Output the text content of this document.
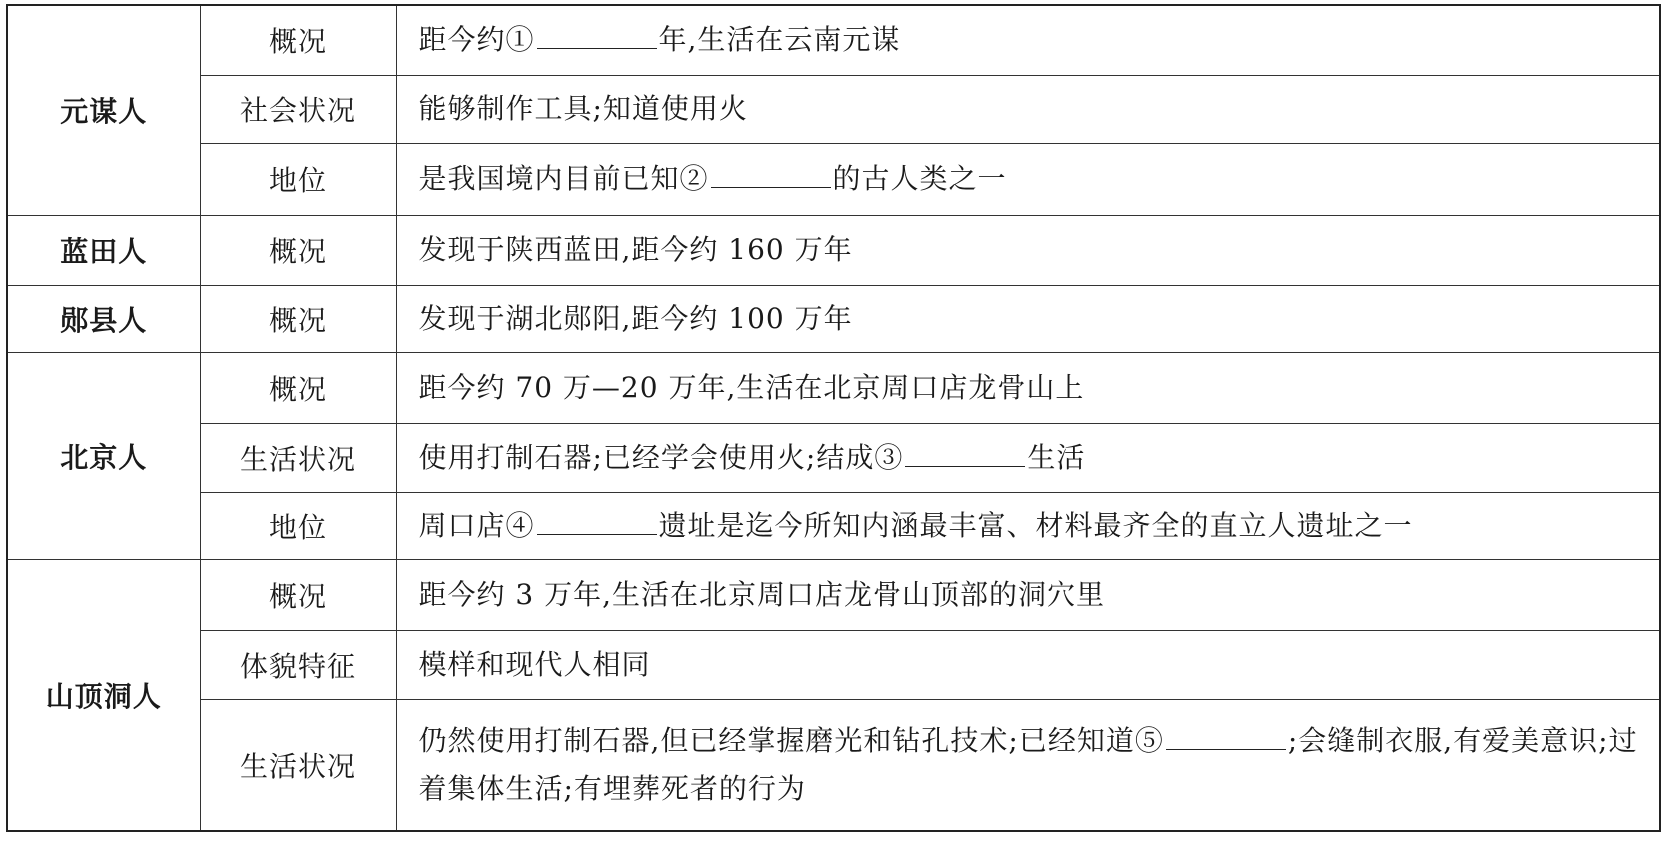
元谋人	概况	距今约① 年,生活在云南元谋
	社会状况	能够制作工具;知道使用火
	地位	是我国境内目前已知② 的古人类之一
蓝田人	概况	发现于陕西蓝田,距今约 160 万年
郧县人	概况	发现于湖北郧阳,距今约 100 万年
北京人	概况	距今约 70 万—20 万年,生活在北京周口店龙骨山上
	生活状况	使用打制石器;已经学会使用火;结成③ 生活
	地位	周口店④ 遗址是迄今所知内涵最丰富、材料最齐全的直立人遗址之一
山顶洞人	概况	距今约 3 万年,生活在北京周口店龙骨山顶部的洞穴里
	体貌特征	模样和现代人相同
	生活状况	仍然使用打制石器,但已经掌握磨光和钻孔技术;已经知道⑤ ;会缝制衣服,有爱美意识;过着集体生活;有埋葬死者的行为
